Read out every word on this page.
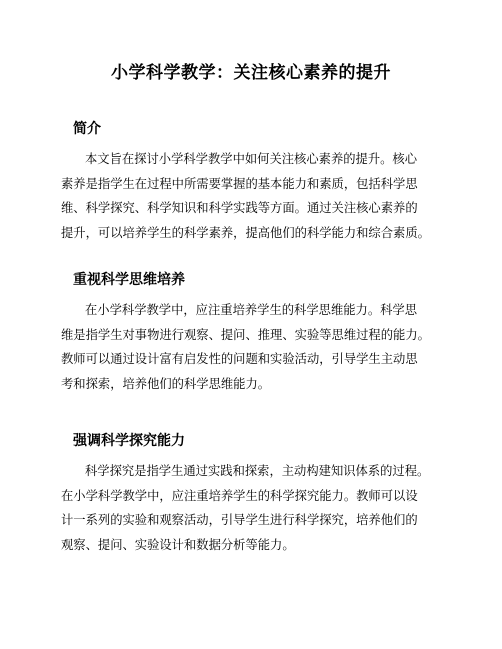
小学科学教学：关注核心素养的提升
简介
本文旨在探讨小学科学教学中如何关注核心素养的提升。核心
素养是指学生在过程中所需要掌握的基本能力和素质，包括科学思
维、科学探究、科学知识和科学实践等方面。通过关注核心素养的
提升，可以培养学生的科学素养，提高他们的科学能力和综合素质。
重视科学思维培养
在小学科学教学中，应注重培养学生的科学思维能力。科学思
维是指学生对事物进行观察、提问、推理、实验等思维过程的能力。
教师可以通过设计富有启发性的问题和实验活动，引导学生主动思
考和探索，培养他们的科学思维能力。
强调科学探究能力
科学探究是指学生通过实践和探索，主动构建知识体系的过程。
在小学科学教学中，应注重培养学生的科学探究能力。教师可以设
计一系列的实验和观察活动，引导学生进行科学探究，培养他们的
观察、提问、实验设计和数据分析等能力。
